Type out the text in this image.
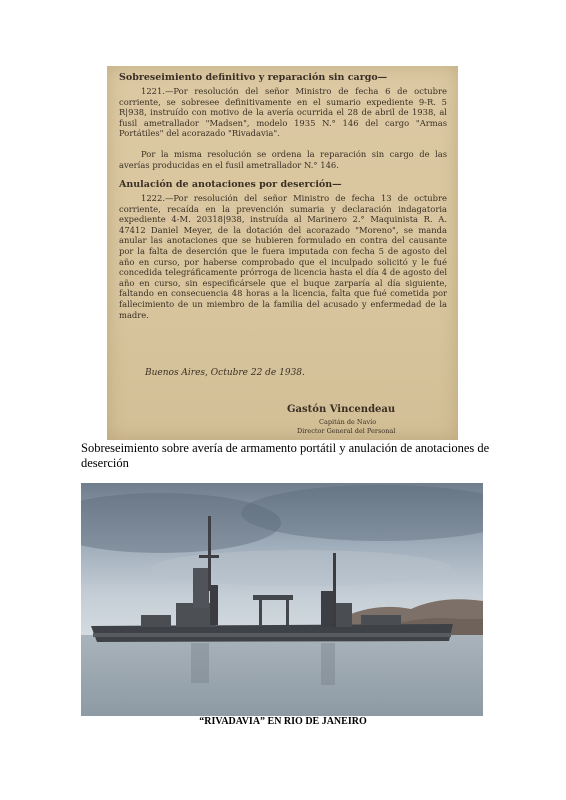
Sobreseimiento definitivo y reparación sin cargo—
1221.—Por resolución del señor Ministro de fecha 6 de octubre corriente, se sobresee definitivamente en el sumario expediente 9-R. 5 R|938, instruído con motivo de la avería ocurrida el 28 de abril de 1938, al fusil ametrallador "Madsen", modelo 1935 N.° 146 del cargo "Armas Portátiles" del acorazado "Rivadavia".
Por la misma resolución se ordena la reparación sin cargo de las averías producidas en el fusil ametrallador N.° 146.
Anulación de anotaciones por deserción—
1222.—Por resolución del señor Ministro de fecha 13 de octubre corriente, recaída en la prevención sumaria y declaración indagatoria expediente 4-M. 20318|938, instruída al Marinero 2.° Maquinista R. A. 47412 Daniel Meyer, de la dotación del acorazado "Moreno", se manda anular las anotaciones que se hubieren formulado en contra del causante por la falta de deserción que le fuera imputada con fecha 5 de agosto del año en curso, por haberse comprobado que el inculpado solicitó y le fué concedida telegráficamente prórroga de licencia hasta el día 4 de agosto del año en curso, sin especificársele que el buque zarparía al día siguiente, faltando en consecuencia 48 horas a la licencia, falta que fué cometida por fallecimiento de un miembro de la familia del acusado y enfermedad de la madre.
Buenos Aires, Octubre 22 de 1938.
Gastón Vincendeau
Capitán de Navío
Director General del Personal
Sobreseimiento sobre avería de armamento portátil y anulación de anotaciones de deserción
“RIVADAVIA” EN RIO DE JANEIRO
